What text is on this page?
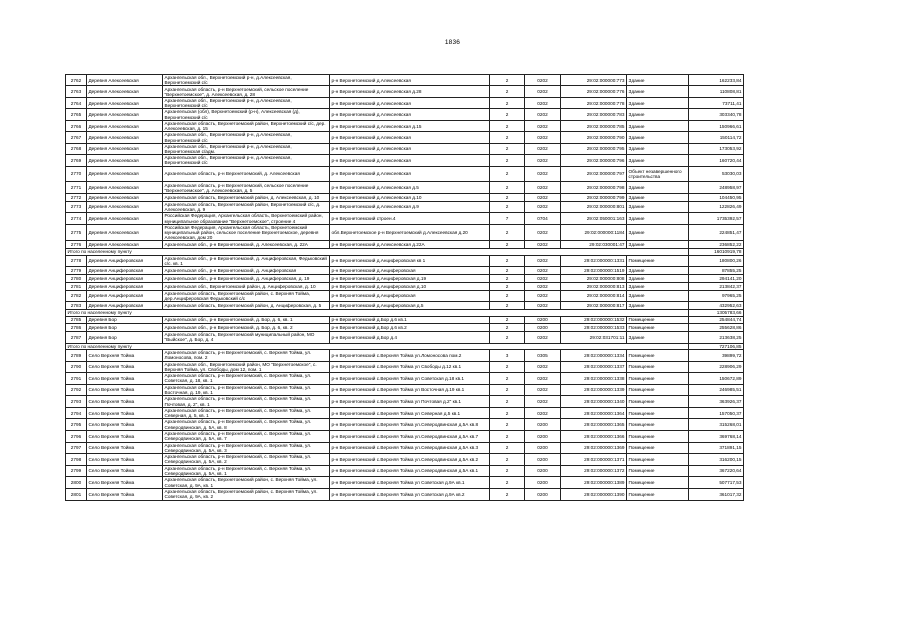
1836
2762	Деревня Алексеевская	Архангельская обл., Верхнетоемский р-н, д.Алексеевская, Верхнетоемский с/с	р-н Верхнетоемский д.Алексеевская	2	0202	29:02:000000:773	Здание	162233,84
2763	Деревня Алексеевская	Архангельская область, р-н Верхнетоемский, сельское поселение "Верхнетоемское", д. Алексеевская, д. 28	р-н Верхнетоемский д.Алексеевская д.28	2	0202	29:02:000000:776	Здание	110808,81
2764	Деревня Алексеевская	Архангельская обл., Верхнетоемский р-н, д.Алексеевская, Верхнетоемский с/с	р-н Верхнетоемский д.Алексеевская	2	0202	29:02:000000:778	Здание	73711,41
2765	Деревня Алексеевская	Архангельская (обл), Верхнетоемский (р-н), Алексеевская (д), Верхнетоемский с/с	р-н Верхнетоемский д.Алексеевская	2	0202	29:02:000000:783	Здание	303340,78
2766	Деревня Алексеевская	Архангельская область, Верхнетоемский район, Верхнетоемский с/с, дер. Алексеевская, д. 15	р-н Верхнетоемский д.Алексеевская д.15	2	0202	29:02:000000:785	Здание	150966,61
2767	Деревня Алексеевская	Архангельская обл., Верхнетоемский р-н, д.Алексеевская, Верхнетоемский с/с	р-н Верхнетоемский д.Алексеевская	2	0202	29:02:000000:790	Здание	150114,72
2768	Деревня Алексеевская	Архангельская обл., Верхнетоемский р-н, д.Алексеевская, Верхнетоемская с/адм.	р-н Верхнетоемский д.Алексеевская	2	0202	29:02:000000:795	Здание	173053,92
2769	Деревня Алексеевская	Архангельская обл., Верхнетоемский р-н, д.Алексеевская, Верхнетоемский с/с	р-н Верхнетоемский д.Алексеевская	2	0202	29:02:000000:796	Здание	160720,44
2770	Деревня Алексеевская	Архангельская область, р-н Верхнетоемский, д. Алексеевская	р-н Верхнетоемский д.Алексеевская	2	0202	29:02:000000:797	Объект незавершенного строительства	53030,03
2771	Деревня Алексеевская	Архангельская область, р-н Верхнетоемский, сельское поселение "Верхнетоемское", д. Алексеевская, д. 5	р-н Верхнетоемский д.Алексеевская д.5	2	0202	29:02:000000:798	Здание	248958,97
2772	Деревня Алексеевская	Архангельская область, Верхнетоемский район, д. Алексеевская, д. 10	р-н Верхнетоемский д.Алексеевская д.10	2	0202	29:02:000000:799	Здание	104450,95
2773	Деревня Алексеевская	Архангельская область, Верхнетоемский район, Верхнетоемский с/с, д. Алексеевская, д. 9	р-н Верхнетоемский д.Алексеевская д.9	2	0202	29:02:000000:801	Здание	122826,49
2774	Деревня Алексеевская	Российская Федерация, Архангельская область, Верхнетоемский район, муниципальное образование "Верхнетоемское", строение 4	р-н Верхнетоемский строен.4	7	0704	29:02:050001:163	Здание	1735392,57
2775	Деревня Алексеевская	Российская Федерация, Архангельская область, Верхнетоемский муниципальный район, сельское поселение Верхнетоемское, деревня Алексеевская, дом 20	обл.Верхнетоемское р-н Верхнетоемский д.Алексеевская д.20	2	0202	29:02:000000:1184	Здание	224851,47
2776	Деревня Алексеевская	Архангельская обл., р-н Верхнетоемский, д. Алексеевская, д. 22А	р-н Верхнетоемский д.Алексеевская д.22А	2	0202	29:02:030001:47	Здание	236852,22
Итого по населенному пункту								16010919,78
2778	Деревня Анциферовская	Архангельская обл., р-н Верхнетоемский, д. Анциферовская, Федьковский с/с. кв. 1	р-н Верхнетоемский д.Анциферовская кв 1	2	0202	29:02:000000:1331	Помещение	180800,26
2779	Деревня Анциферовская	Архангельская обл., р-н Верхнетоемский, д. Анциферовская	р-н Верхнетоемский д.Анциферовская	2	0202	29:02:000000:1519	Здание	87855,25
2780	Деревня Анциферовская	Архангельская обл., р-н Верхнетоемский, д. Анциферовская, д. 19	р-н Верхнетоемский д.Анциферовская д.19	2	0202	29:02:000000:808	Здание	294141,20
2781	Деревня Анциферовская	Архангельская обл., Верхнетоемский район, д. Анциферовская, д. 10	р-н Верхнетоемский д.Анциферовская д.10	2	0202	29:02:000000:813	Здание	213842,37
2782	Деревня Анциферовская	Архангельская область, Верхнетоемский район, с. Верхняя Тойма, дер.Анциферовская Федьковский с/с	р-н Верхнетоемский д.Анциферовская	2	0202	29:02:000000:814	Здание	97965,25
2783	Деревня Анциферовская	Архангельская область, Верхнетоемский район, д. Анциферовская, д. 5	р-н Верхнетоемский д.Анциферовская д.5	2	0202	29:02:000000:817	Здание	432952,63
Итого по населенному пункту								1305783,66
2785	Деревня Бор	Архангельская обл., р-н Верхнетоемский, д. Бор, д. 6, кв. 1	р-н Верхнетоемский д.Бор д.6 кв.1	2	0200	29:02:000000:1532	Помещение	254844,74
2786	Деревня Бор	Архангельская обл., р-н Верхнетоемский, д. Бор, д. 6, кв. 2	р-н Верхнетоемский д.Бор д.6 кв.2	2	0200	29:02:000000:1533	Помещение	255628,86
2787	Деревня Бор	Архангельская область, Верхнетоемский муниципальный район, МО "Выйское", д. Бор, д. 4	р-н Верхнетоемский д.Бор д.4	2	0202	29:02:031701:11	Здание	213638,25
Итого по населенному пункту								727106,85
2789	Село Верхняя Тойма	Архангельская область, р-н Верхнетоемский, с. Верхняя Тойма, ул. Ломоносова, пом. 2	р-н Верхнетоемский с.Верхняя Тойма ул.Ломоносова пом.2	3	0305	29:02:000000:1334	Помещение	39899,72
2790	Село Верхняя Тойма	Архангельская обл., Верхнетоемский район, МО "Верхнетоемское", с. Верхняя Тойма, ул. Свободы, дом 12, пом. 1	р-н Верхнетоемский с.Верхняя Тойма ул Свободы д.12 кв.1	2	0202	29:02:000000:1337	Помещение	228906,29
2791	Село Верхняя Тойма	Архангельская область, р-н Верхнетоемский, с. Верхняя Тойма, ул. Советская, д. 18, кв. 1	р-н Верхнетоемский с.Верхняя Тойма ул Советская д.18 кв.1	2	0202	29:02:000000:1338	Помещение	150672,89
2792	Село Верхняя Тойма	Архангельская область, р-н Верхнетоемский, с. Верхняя Тойма, ул. Восточная, д. 19, кв. 1	р-н Верхнетоемский с.Верхняя Тойма ул Восточная д.19 кв.1	2	0202	29:02:000000:1339	Помещение	246985,51
2793	Село Верхняя Тойма	Архангельская область, р-н Верхнетоемский, с. Верхняя Тойма, ул. Почтовая, д. 2", кв. 1	р-н Верхнетоемский с.Верхняя Тойма ул Почтовая д.2" кв.1	2	0202	29:02:000000:1340	Помещение	363926,37
2794	Село Верхняя Тойма	Архангельская область, р-н Верхнетоемский, с. Верхняя Тойма, ул. Северная, д. 5, кв. 1	р-н Верхнетоемский с.Верхняя Тойма ул Северная д.5 кв.1	2	0202	29:02:000000:1364	Помещение	157050,37
2795	Село Верхняя Тойма	Архангельская область, р-н Верхнетоемский, с. Верхняя Тойма, ул. Северодвинская, д. 5А, кв. 8	р-н Верхнетоемский с.Верхняя Тойма ул.Северодвинская д.5А кв.8	2	0200	29:02:000000:1365	Помещение	315268,01
2796	Село Верхняя Тойма	Архангельская область, р-н Верхнетоемский, с. Верхняя Тойма, ул. Северодвинская, д. 5А, кв. 7	р-н Верхнетоемский с.Верхняя Тойма ул.Северодвинская д.5А кв.7	2	0200	29:02:000000:1366	Помещение	369768,14
2797	Село Верхняя Тойма	Архангельская область, р-н Верхнетоемский, с. Верхняя Тойма, ул. Северодвинская, д. 5А, кв. 3	р-н Верхнетоемский с.Верхняя Тойма ул.Северодвинская д.5А кв.3	2	0200	29:02:000000:1369	Помещение	371891,15
2798	Село Верхняя Тойма	Архангельская область, р-н Верхнетоемский, с. Верхняя Тойма, ул. Северодвинская, д. 5А, кв. 2	р-н Верхнетоемский с.Верхняя Тойма ул.Северодвинская д.5А кв.2	2	0200	29:02:000000:1371	Помещение	316200,15
2799	Село Верхняя Тойма	Архангельская область, р-н Верхнетоемский, с. Верхняя Тойма, ул. Северодвинская, д. 5А, кв. 1	р-н Верхнетоемский с.Верхняя Тойма ул.Северодвинская д.5А кв.1	2	0200	29:02:000000:1372	Помещение	367220,64
2800	Село Верхняя Тойма	Архангельская область, Верхнетоемский район, с. Верхняя Тойма, ул. Советская, д. 9А, кв. 1	р-н Верхнетоемский с.Верхняя Тойма ул Советская д.9А кв.1	2	0200	29:02:000000:1389	Помещение	507717,53
2801	Село Верхняя Тойма	Архангельская область, Верхнетоемский район, с. Верхняя Тойма, ул. Советская, д. 9А, кв. 2	р-н Верхнетоемский с.Верхняя Тойма ул Советская д.9А кв.2	2	0200	29:02:000000:1390	Помещение	361017,32
